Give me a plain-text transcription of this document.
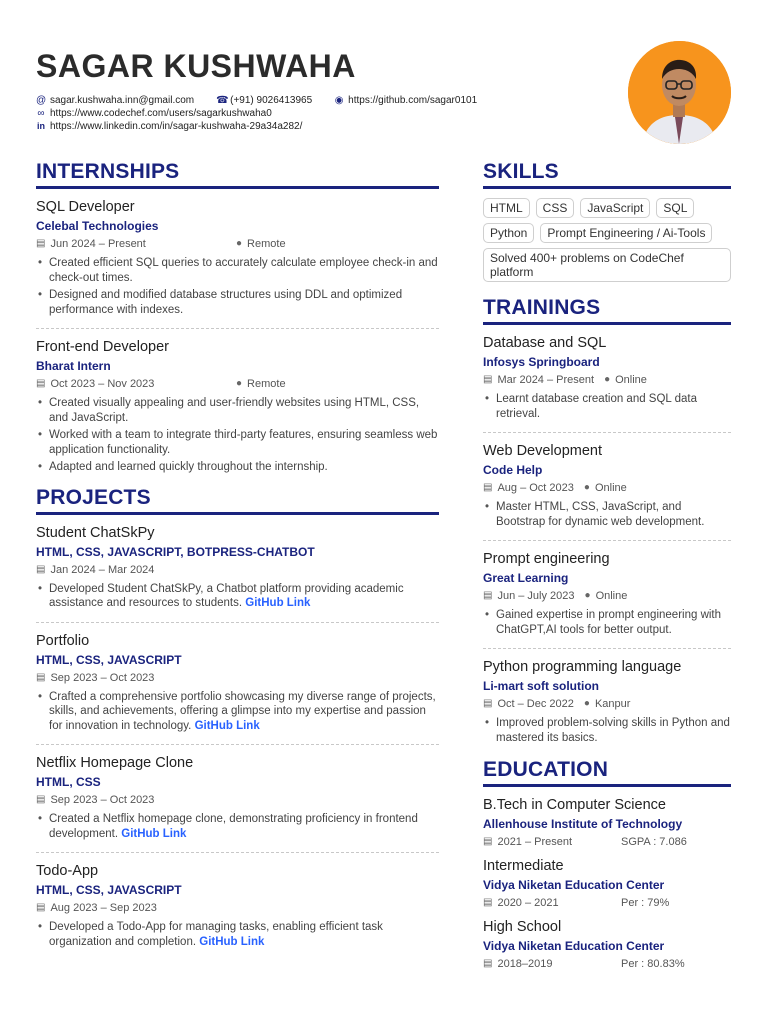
SAGAR KUSHWAHA
@ sagar.kushwaha.inn@gmail.com ☎ (+91) 9026413965 ◉ https://github.com/sagar0101
∞ https://www.codechef.com/users/sagarkushwaha0
in https://www.linkedin.com/in/sagar-kushwaha-29a34a282/
INTERNSHIPS
SQL Developer
Celebal Technologies
▤ Jun 2024 – Present	● Remote
• Created efficient SQL queries to accurately calculate employee check-in and check-out times.
• Designed and modified database structures using DDL and optimized performance with indexes.
Front-end Developer
Bharat Intern
▤ Oct 2023 – Nov 2023	● Remote
• Created visually appealing and user-friendly websites using HTML, CSS, and JavaScript.
• Worked with a team to integrate third-party features, ensuring seamless web application functionality.
• Adapted and learned quickly throughout the internship.
PROJECTS
Student ChatSkPy
HTML, CSS, JAVASCRIPT, BOTPRESS-CHATBOT
▤ Jan 2024 – Mar 2024
• Developed Student ChatSkPy, a Chatbot platform providing academic assistance and resources to students. GitHub Link
Portfolio
HTML, CSS, JAVASCRIPT
▤ Sep 2023 – Oct 2023
• Crafted a comprehensive portfolio showcasing my diverse range of projects, skills, and achievements, offering a glimpse into my expertise and passion for innovation in technology. GitHub Link
Netflix Homepage Clone
HTML, CSS
▤ Sep 2023 – Oct 2023
• Created a Netflix homepage clone, demonstrating proficiency in frontend development. GitHub Link
Todo-App
HTML, CSS, JAVASCRIPT
▤ Aug 2023 – Sep 2023
• Developed a Todo-App for managing tasks, enabling efficient task organization and completion. GitHub Link
SKILLS
HTML	CSS	JavaScript	SQL
Python	Prompt Engineering / Ai-Tools
Solved 400+ problems on CodeChef platform
TRAININGS
Database and SQL
Infosys Springboard
▤ Mar 2024 – Present ● Online
• Learnt database creation and SQL data retrieval.
Web Development
Code Help
▤ Aug – Oct 2023 ● Online
• Master HTML, CSS, JavaScript, and Bootstrap for dynamic web development.
Prompt engineering
Great Learning
▤ Jun – July 2023 ● Online
• Gained expertise in prompt engineering with ChatGPT,AI tools for better output.
Python programming language
Li-mart soft solution
▤ Oct – Dec 2022 ● Kanpur
• Improved problem-solving skills in Python and mastered its basics.
EDUCATION
B.Tech in Computer Science
Allenhouse Institute of Technology
▤ 2021 – Present	SGPA : 7.086
Intermediate
Vidya Niketan Education Center
▤ 2020 – 2021	Per : 79%
High School
Vidya Niketan Education Center
▤ 2018–2019	Per : 80.83%
